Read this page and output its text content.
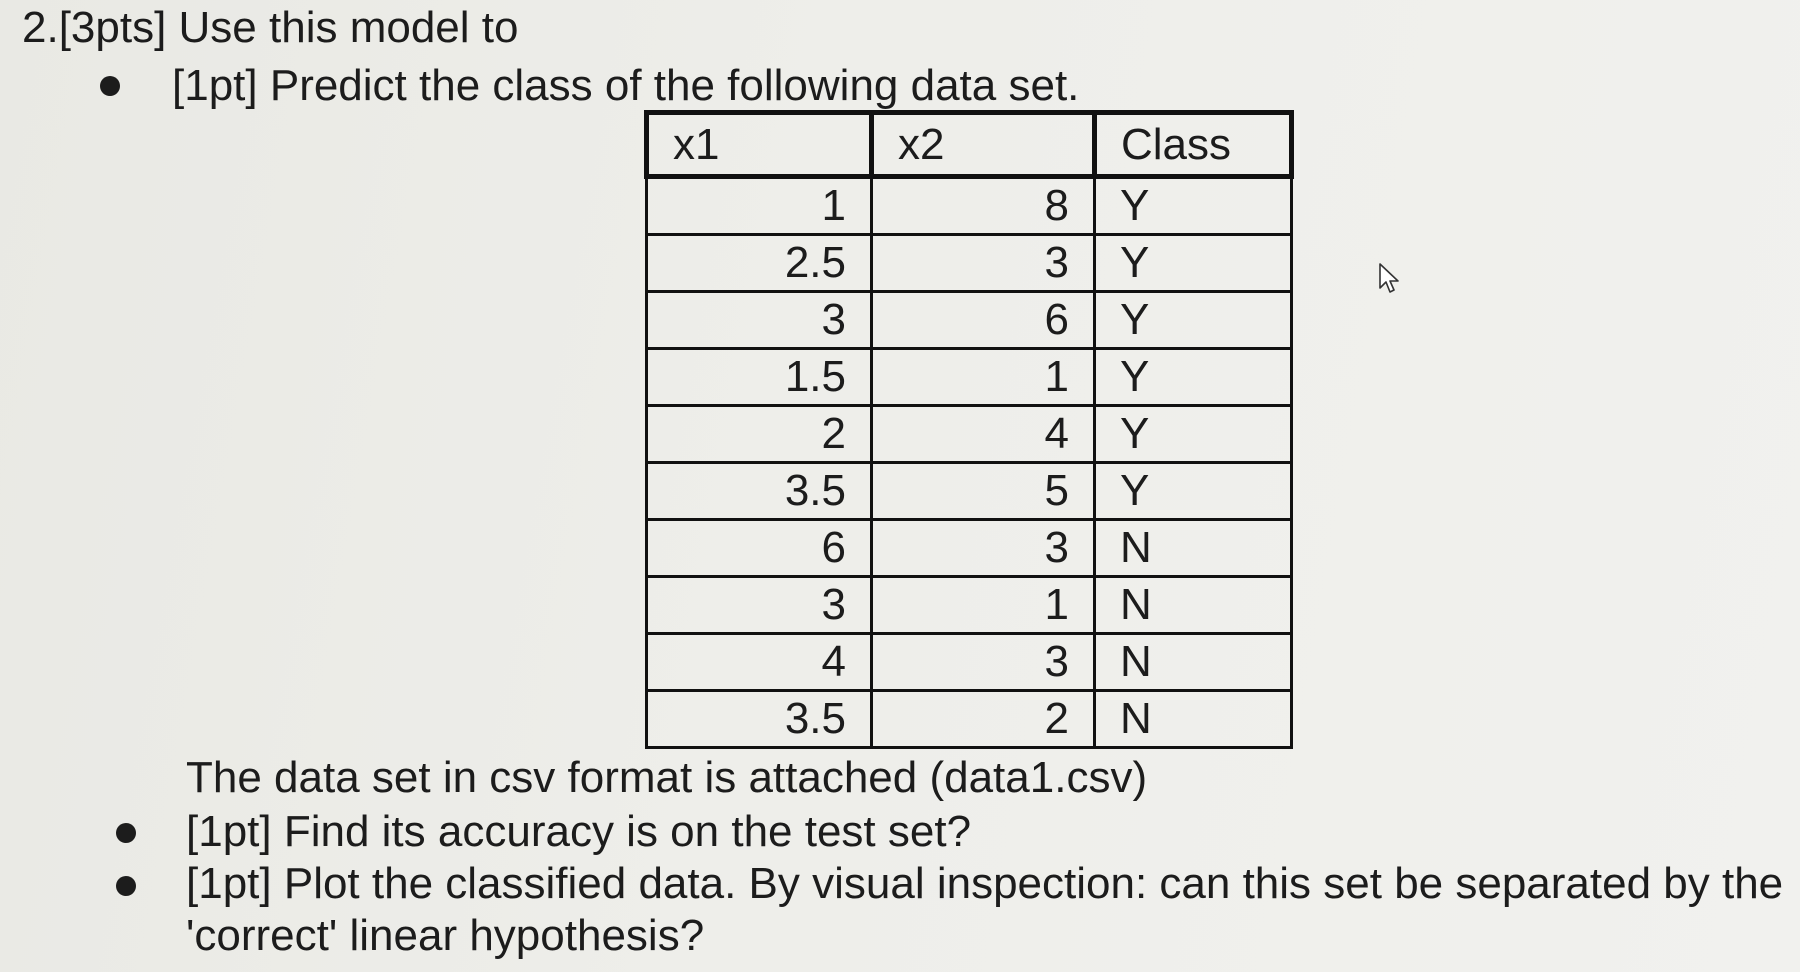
2.[3pts] Use this model to
[1pt] Predict the class of the following data set.
x1	x2	Class
1	8	Y
2.5	3	Y
3	6	Y
1.5	1	Y
2	4	Y
3.5	5	Y
6	3	N
3	1	N
4	3	N
3.5	2	N
The data set in csv format is attached (data1.csv)
[1pt] Find its accuracy is on the test set?
[1pt] Plot the classified data. By visual inspection: can this set be separated by the
'correct' linear hypothesis?
